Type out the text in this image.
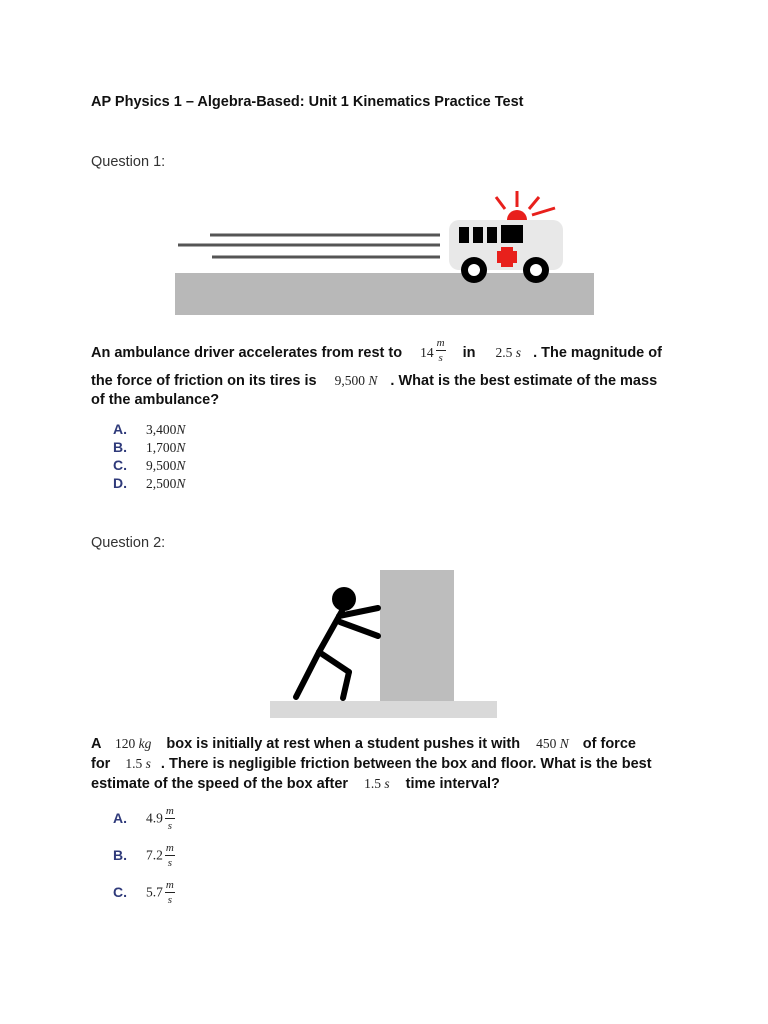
AP Physics 1 – Algebra-Based: Unit 1 Kinematics Practice Test
Question 1:
An ambulance driver accelerates from rest to $14 \frac{m}{s}$ in 2.5 s . The magnitude of
the force of friction on its tires is 9,500 N . What is the best estimate of the mass
of the ambulance?
A. 3,400N
B. 1,700N
C. 9,500N
D. 2,500N
Question 2:
A 120 kg box is initially at rest when a student pushes it with 450 N of force
for 1.5 s . There is negligible friction between the box and floor. What is the best
estimate of the speed of the box after 1.5 s time interval?
A. $4.9 \frac{m}{s}$
B. $7.2 \frac{m}{s}$
C. $5.7 \frac{m}{s}$
